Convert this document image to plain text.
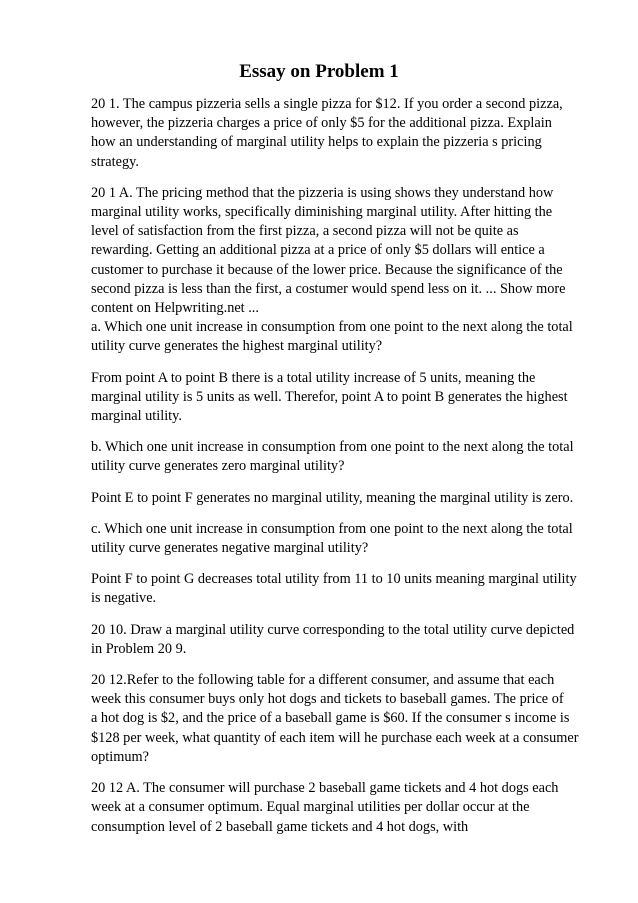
Essay on Problem 1
20 1. The campus pizzeria sells a single pizza for $12. If you order a second pizza,
however, the pizzeria charges a price of only $5 for the additional pizza. Explain
how an understanding of marginal utility helps to explain the pizzeria s pricing
strategy.
20 1 A. The pricing method that the pizzeria is using shows they understand how
marginal utility works, specifically diminishing marginal utility. After hitting the
level of satisfaction from the first pizza, a second pizza will not be quite as
rewarding. Getting an additional pizza at a price of only $5 dollars will entice a
customer to purchase it because of the lower price. Because the significance of the
second pizza is less than the first, a costumer would spend less on it. ... Show more
content on Helpwriting.net ...
a. Which one unit increase in consumption from one point to the next along the total
utility curve generates the highest marginal utility?
From point A to point B there is a total utility increase of 5 units, meaning the
marginal utility is 5 units as well. Therefor, point A to point B generates the highest
marginal utility.
b. Which one unit increase in consumption from one point to the next along the total
utility curve generates zero marginal utility?
Point E to point F generates no marginal utility, meaning the marginal utility is zero.
c. Which one unit increase in consumption from one point to the next along the total
utility curve generates negative marginal utility?
Point F to point G decreases total utility from 11 to 10 units meaning marginal utility
is negative.
20 10. Draw a marginal utility curve corresponding to the total utility curve depicted
in Problem 20 9.
20 12.Refer to the following table for a different consumer, and assume that each
week this consumer buys only hot dogs and tickets to baseball games. The price of
a hot dog is $2, and the price of a baseball game is $60. If the consumer s income is
$128 per week, what quantity of each item will he purchase each week at a consumer
optimum?
20 12 A. The consumer will purchase 2 baseball game tickets and 4 hot dogs each
week at a consumer optimum. Equal marginal utilities per dollar occur at the
consumption level of 2 baseball game tickets and 4 hot dogs, with
